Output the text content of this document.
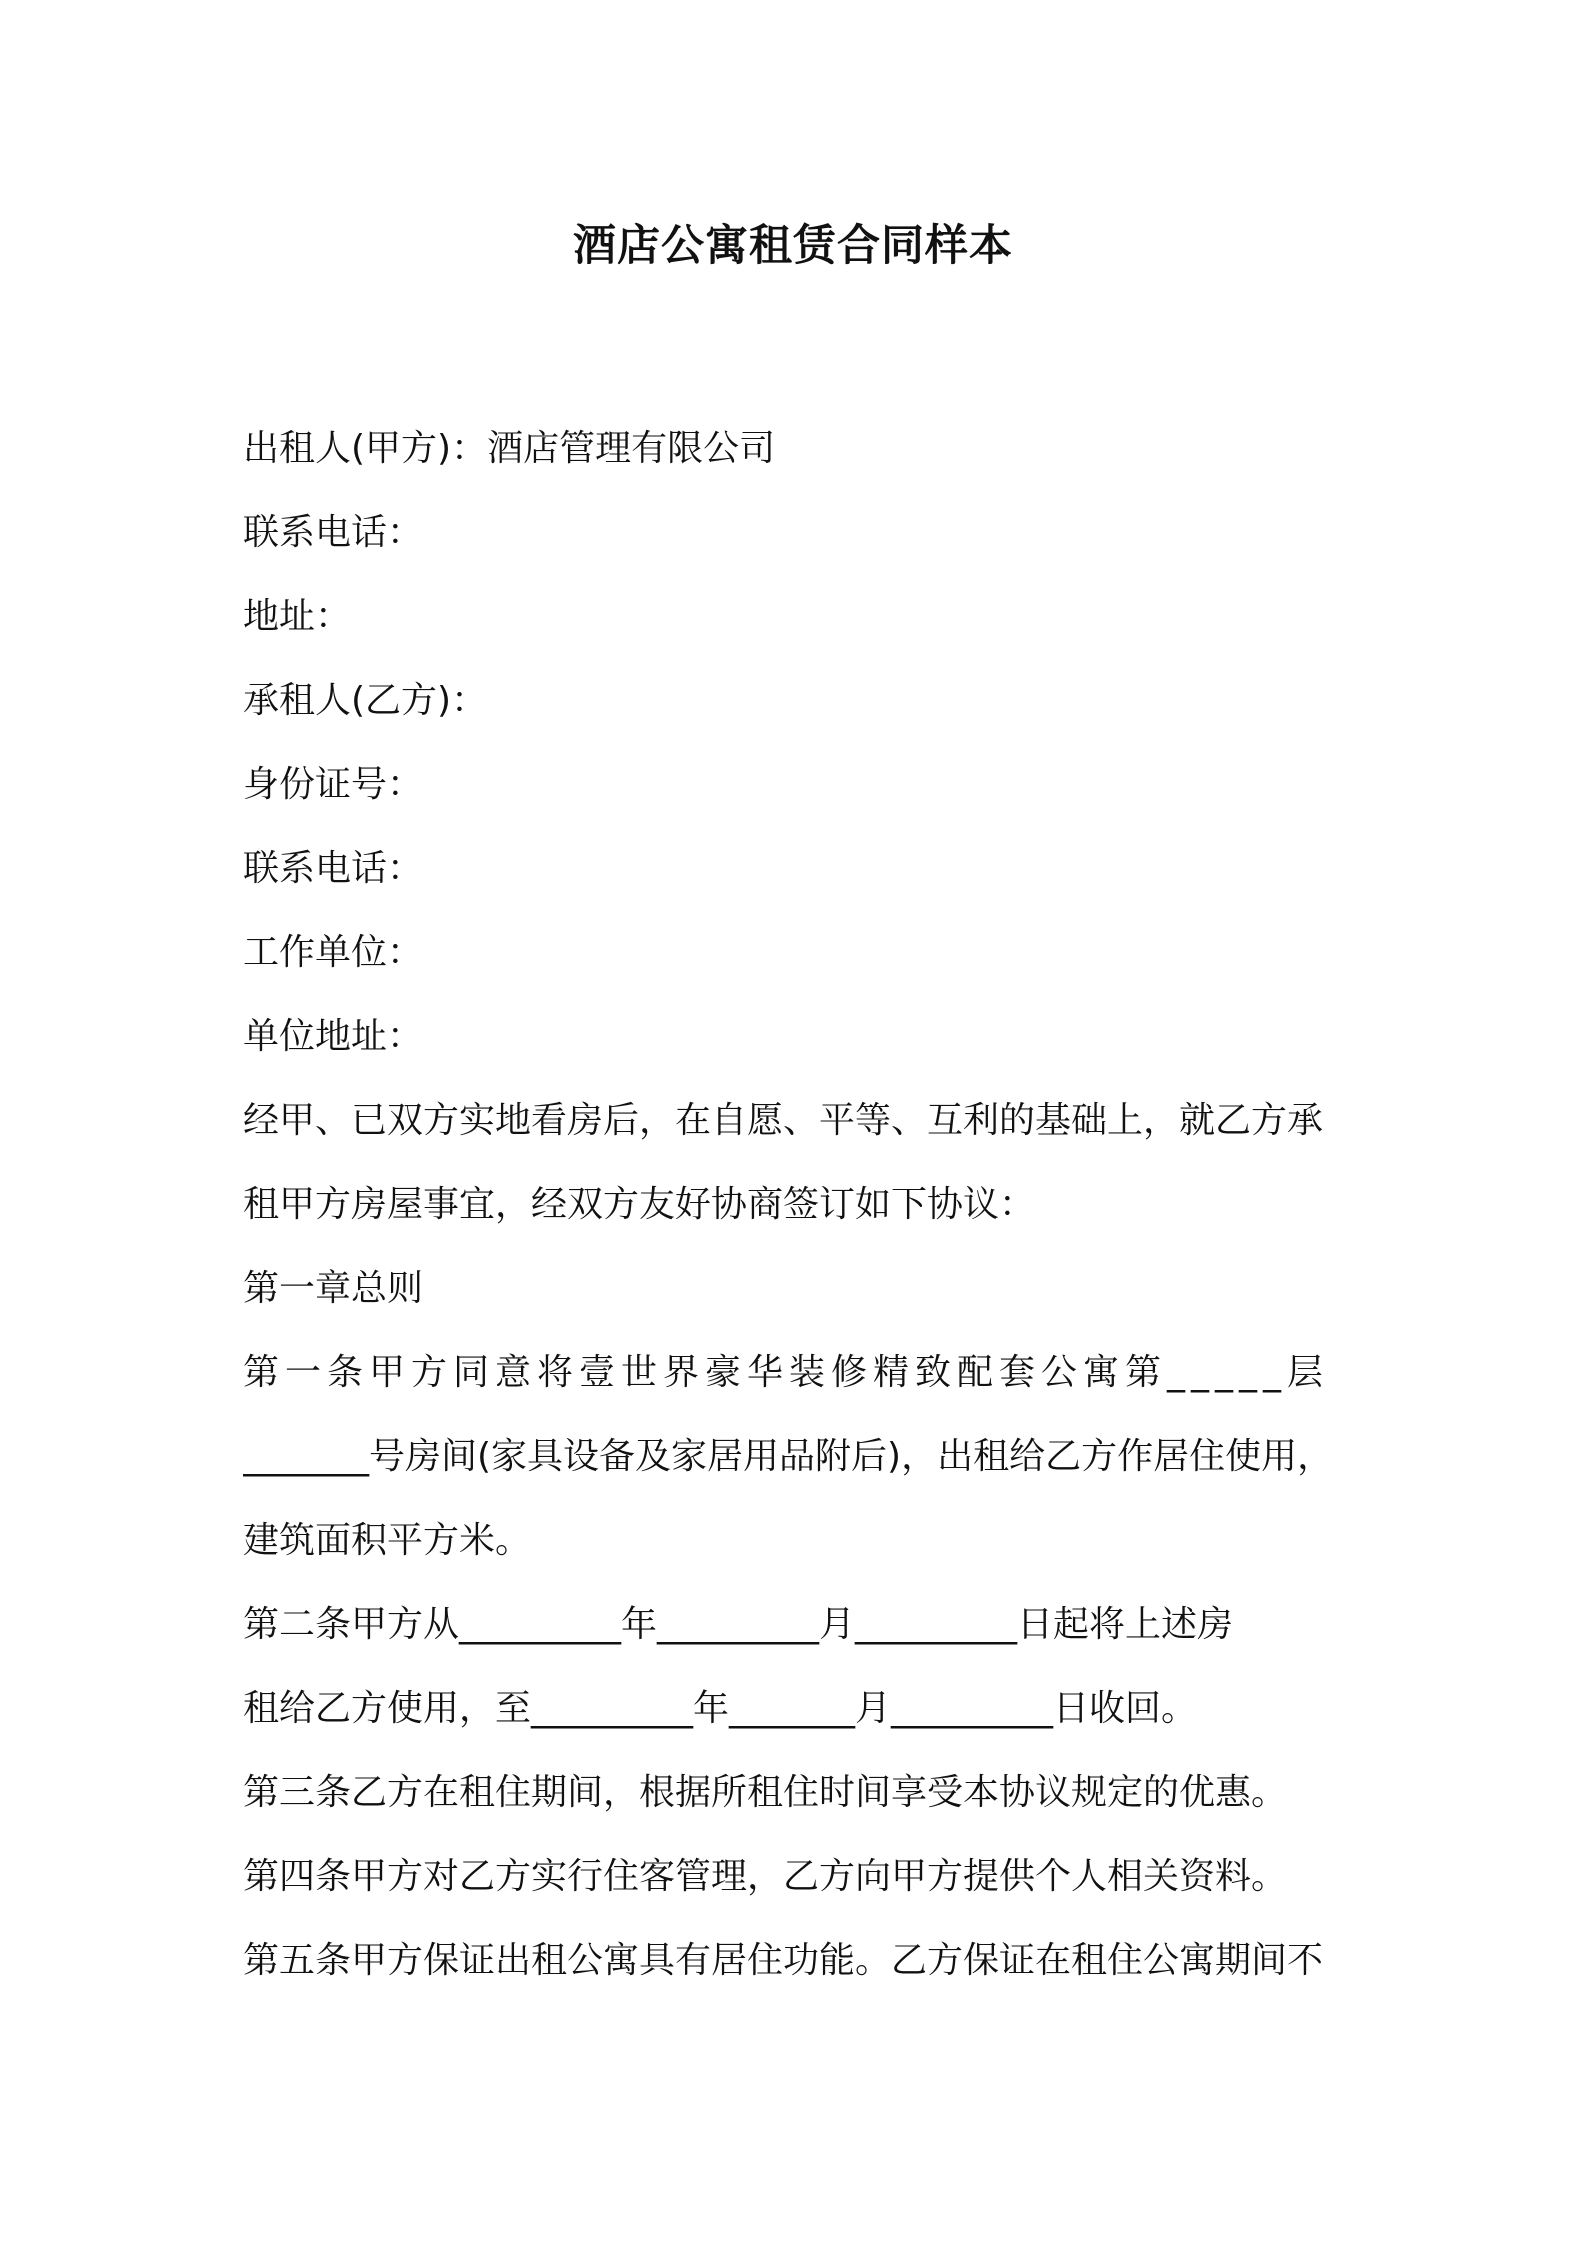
酒店公寓租赁合同样本
出租人(甲方)：酒店管理有限公司
联系电话：
地址：
承租人(乙方)：
身份证号：
联系电话：
工作单位：
单位地址：
经甲、已双方实地看房后，在自愿、平等、互利的基础上，就乙方承
租甲方房屋事宜，经双方友好协商签订如下协议：
第一章总则
第一条甲方同意将壹世界豪华装修精致配套公寓第_____层
_______号房间(家具设备及家居用品附后)，出租给乙方作居住使用，
建筑面积平方米。
第二条甲方从_________年_________月_________日起将上述房
租给乙方使用，至_________年_______月_________日收回。
第三条乙方在租住期间，根据所租住时间享受本协议规定的优惠。
第四条甲方对乙方实行住客管理，乙方向甲方提供个人相关资料。
第五条甲方保证出租公寓具有居住功能。乙方保证在租住公寓期间不
